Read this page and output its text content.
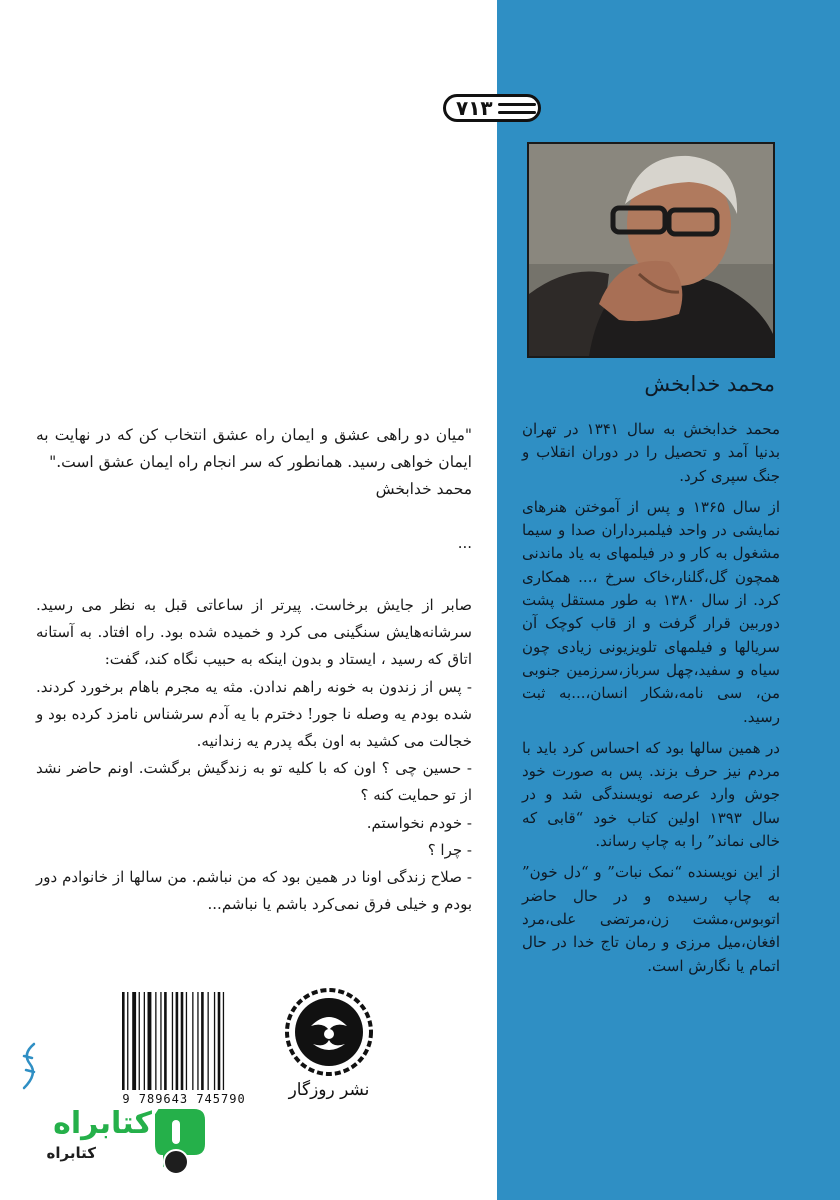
۷۱۳
محمد خدابخش

محمد خدابخش به سال ۱۳۴۱ در تهران بدنیا آمد و تحصیل را در دوران انقلاب و جنگ سپری کرد.

از سال ۱۳۶۵ و پس از آموختن هنرهای نمایشی در واحد فیلمبرداران صدا و سیما مشغول به کار و در فیلمهای به یاد ماندنی همچون گل،گلنار،خاک سرخ ،... همکاری کرد. از سال ۱۳۸۰ به طور مستقل پشت دوربین قرار گرفت و از قاب کوچک آن سریالها و فیلمهای تلویزیونی زیادی چون سیاه و سفید،چهل سرباز،سرزمین جنوبی من، سی نامه،شکار انسان،...به ثبت رسید.

در همین سالها بود که احساس کرد باید با مردم نیز حرف بزند. پس به صورت خود جوش وارد عرصه نویسندگی شد و در سال ۱۳۹۳ اولین کتاب خود “قابی که خالی نماند” را به چاپ رساند.

از این نویسنده “نمک نبات” و “دل خون” به چاپ رسیده و در حال حاضر اتوبوس،مشت زن،مرتضی علی،مرد افغان،میل مرزی و رمان تاج خدا در حال اتمام یا نگارش است.

"میان دو راهی عشق و ایمان راه عشق انتخاب کن که در نهایت به ایمان خواهی رسید. همانطور که سر انجام راه ایمان عشق است."
محمد خدابخش
...
صابر از جایش برخاست. پیرتر از ساعاتی قبل به نظر می رسید. سرشانه‌هایش سنگینی می کرد و خمیده شده بود. راه افتاد. به آستانه اتاق که رسید ، ایستاد و بدون اینکه به حبیب نگاه کند، گفت:
- پس از زندون به خونه راهم ندادن. مثه یه مجرم باهام برخورد کردند. شده بودم یه وصله نا جور! دخترم با یه آدم سرشناس نامزد کرده بود و خجالت می کشید به اون بگه پدرم یه زندانیه.
- حسین چی ؟ اون که با کلیه تو به زندگیش برگشت. اونم حاضر نشد از تو حمایت کنه ؟
- خودم نخواستم.
- چرا ؟
- صلاح زندگی اونا در همین بود که من نباشم. من سالها از خانوادم دور بودم و خیلی فرق نمی‌کرد باشم یا نباشم...
9 789643 745790	نشر روزگار
کتابراه
کتابراه
